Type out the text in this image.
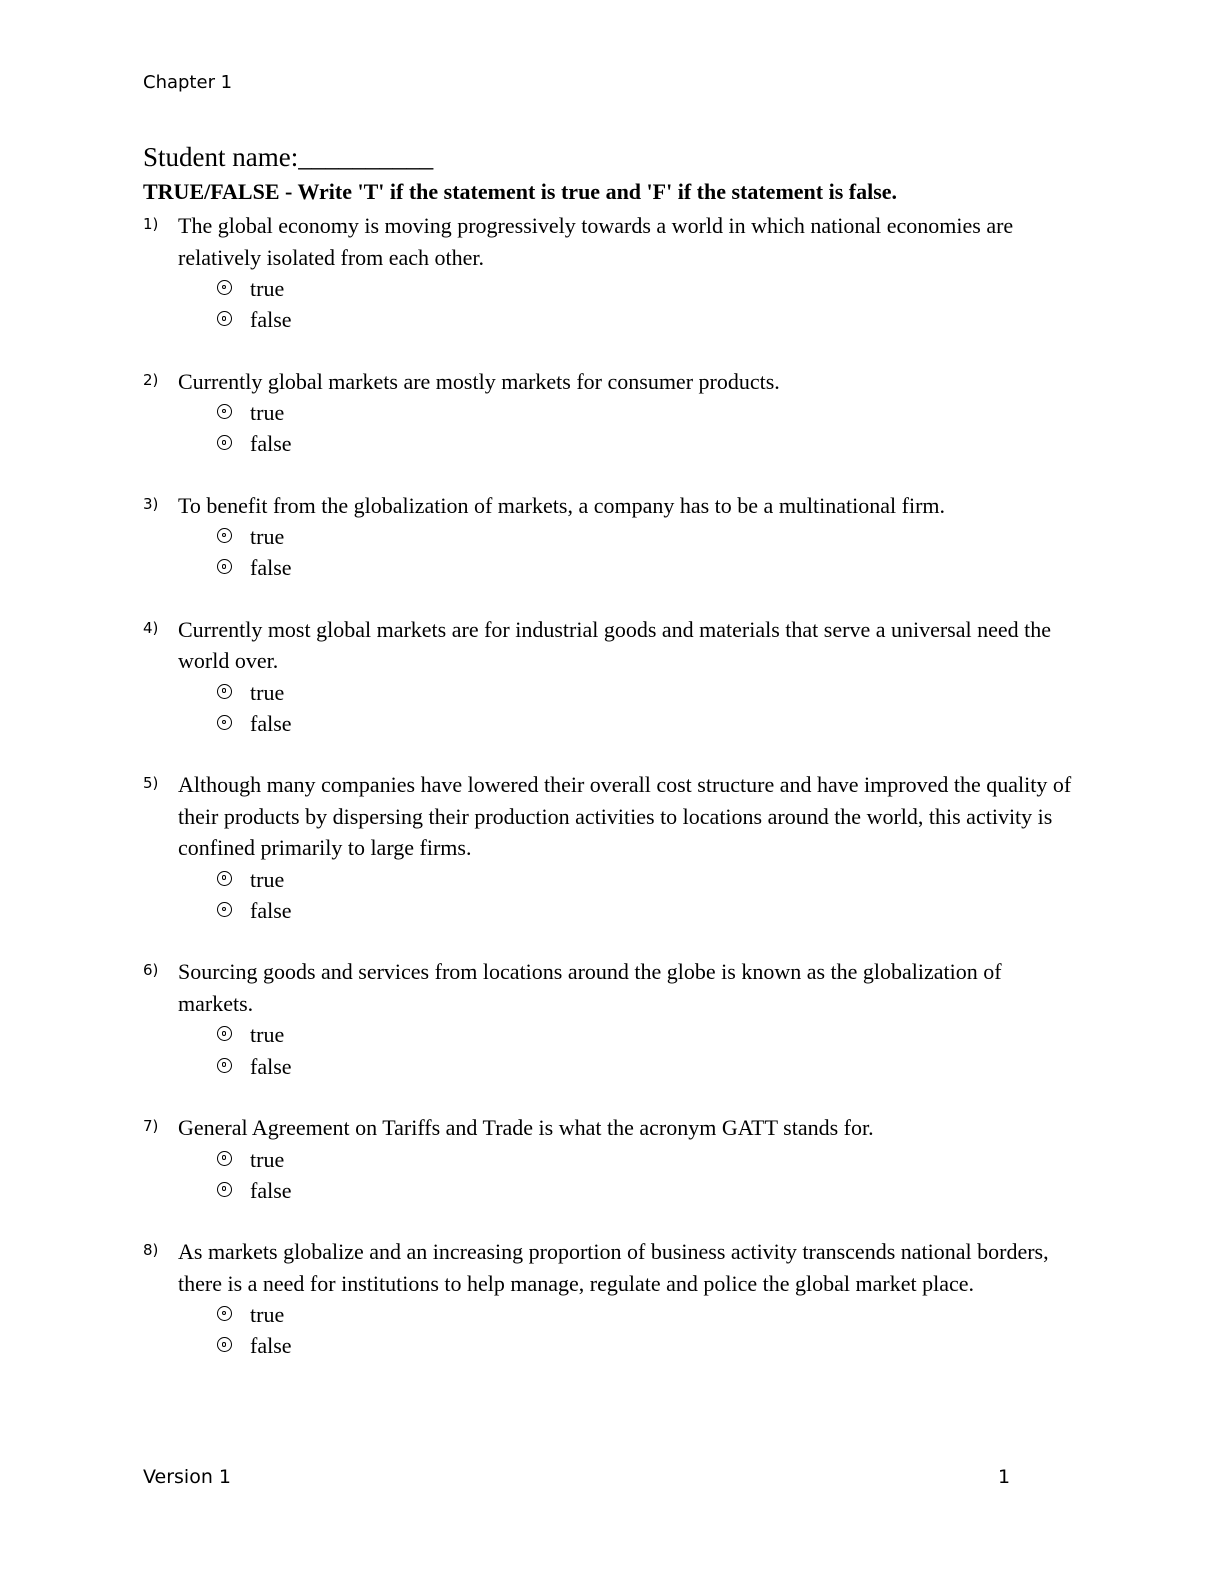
Chapter 1
Student name:__________
TRUE/FALSE - Write 'T' if the statement is true and 'F' if the statement is false.
1) The global economy is moving progressively towards a world in which national economies are relatively isolated from each other.
true
false
2) Currently global markets are mostly markets for consumer products.
true
false
3) To benefit from the globalization of markets, a company has to be a multinational firm.
true
false
4) Currently most global markets are for industrial goods and materials that serve a universal need the world over.
true
false
5) Although many companies have lowered their overall cost structure and have improved the quality of their products by dispersing their production activities to locations around the world, this activity is confined primarily to large firms.
true
false
6) Sourcing goods and services from locations around the globe is known as the globalization of markets.
true
false
7) General Agreement on Tariffs and Trade is what the acronym GATT stands for.
true
false
8) As markets globalize and an increasing proportion of business activity transcends national borders, there is a need for institutions to help manage, regulate and police the global market place.
true
false
Version 1	1
